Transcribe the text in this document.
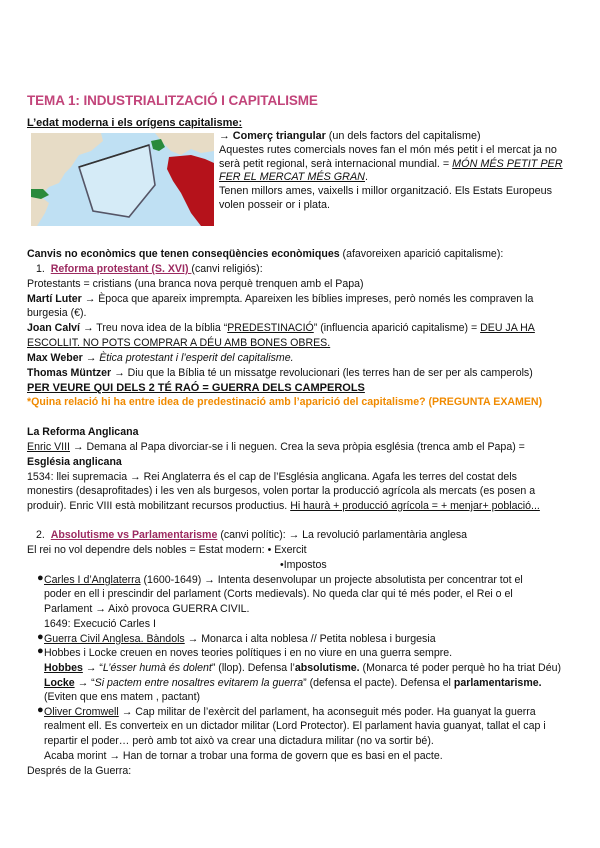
TEMA 1: INDUSTRIALITZACIÓ I CAPITALISME
L’edat moderna i els orígens capitalisme:
→ Comerç triangular (un dels factors del capitalisme)
Aquestes rutes comercials noves fan el món més petit i el mercat ja no
serà petit regional, serà internacional mundial. = MÓN MÉS PETIT PER
FER EL MERCAT MÉS GRAN.
Tenen millors ames, vaixells i millor organització. Els Estats Europeus
volen posseir or i plata.
Canvis no econòmics que tenen conseqüències econòmiques (afavoreixen aparició capitalisme):
1. Reforma protestant (S. XVI) (canvi religiós):
Protestants = cristians (una branca nova perquè trenquen amb el Papa)
Martí Luter → Època que apareix imprempta. Apareixen les bíblies impreses, però només les compraven la
burgesia (€).
Joan Calví → Treu nova idea de la bíblia “PREDESTINACIÓ” (influencia aparició capitalisme) = DEU JA HA
ESCOLLIT. NO POTS COMPRAR A DÉU AMB BONES OBRES.
Max Weber → Ètica protestant i l’esperit del capitalisme.
Thomas Müntzer → Diu que la Bíblia té un missatge revolucionari (les terres han de ser per als camperols)
PER VEURE QUI DELS 2 TÉ RAÓ = GUERRA DELS CAMPEROLS
*Quina relació hi ha entre idea de predestinació amb l’aparició del capitalisme? (PREGUNTA EXAMEN)
La Reforma Anglicana
Enric VIII → Demana al Papa divorciar-se i li neguen. Crea la seva pròpia església (trenca amb el Papa) =
Església anglicana
1534: llei supremacia → Rei Anglaterra és el cap de l’Església anglicana. Agafa les terres del costat dels
monestirs (desaprofitades) i les ven als burgesos, volen portar la producció agrícola als mercats (es posen a
produir). Enric VIII està mobilitzant recursos productius. Hi haurà + producció agrícola = + menjar+ població...
2. Absolutisme vs Parlamentarisme (canvi polític): → La revolució parlamentària anglesa
El rei no vol dependre dels nobles = Estat modern: • Exercit
•Impostos
● Carles I d’Anglaterra (1600-1649) → Intenta desenvolupar un projecte absolutista per concentrar tot el
poder en ell i prescindir del parlament (Corts medievals). No queda clar qui té més poder, el Rei o el
Parlament → Això provoca GUERRA CIVIL.
1649: Execució Carles I
● Guerra Civil Anglesa. Bàndols → Monarca i alta noblesa // Petita noblesa i burgesia
● Hobbes i Locke creuen en noves teories polítiques i en no viure en una guerra sempre.
Hobbes → “L’ésser humà és dolent” (llop). Defensa l’absolutisme. (Monarca té poder perquè ho ha triat Déu)
Locke → “Si pactem entre nosaltres evitarem la guerra” (defensa el pacte). Defensa el parlamentarisme.
(Eviten que ens matem , pactant)
● Oliver Cromwell → Cap militar de l’exèrcit del parlament, ha aconseguit més poder. Ha guanyat la guerra
realment ell. Es converteix en un dictador militar (Lord Protector). El parlament havia guanyat, tallat el cap i
repartir el poder… però amb tot això va crear una dictadura militar (no va sortir bé).
Acaba morint → Han de tornar a trobar una forma de govern que es basi en el pacte.
Després de la Guerra:
